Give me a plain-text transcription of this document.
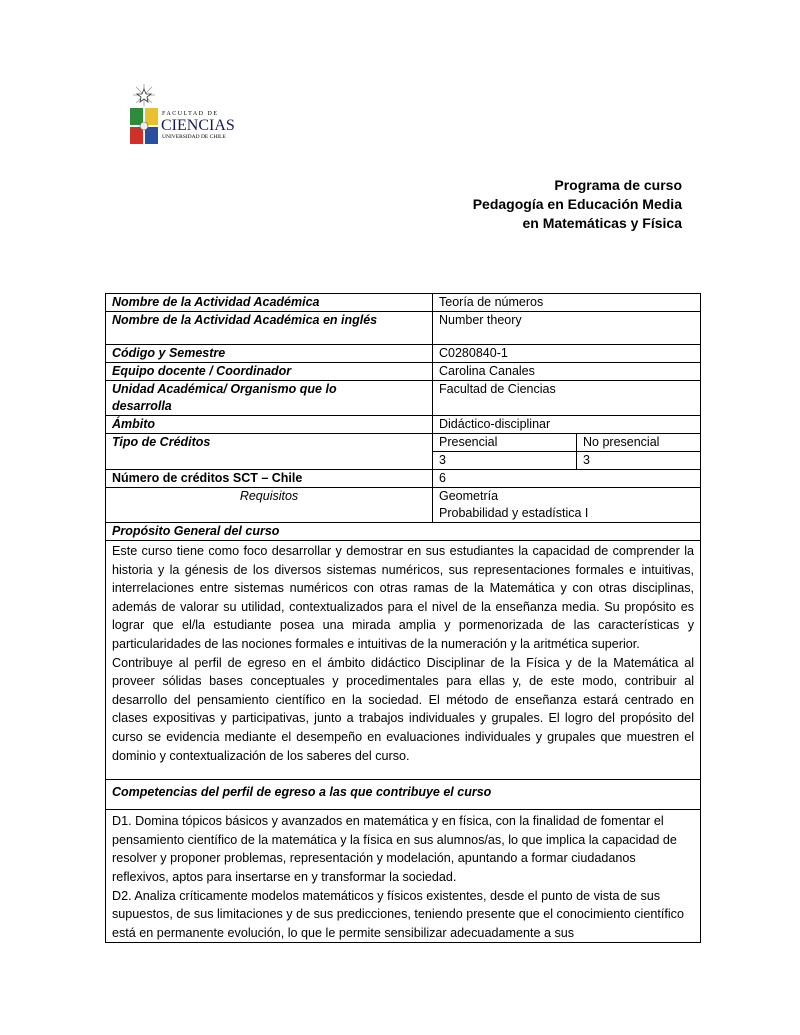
FACULTAD DE
CIENCIAS
UNIVERSIDAD DE CHILE
Programa de curso
Pedagogía en Educación Media
en Matemáticas y Física
Nombre de la Actividad Académica	Teoría de números	
Nombre de la Actividad Académica en inglés	Number theory	
Código y Semestre	C0280840-1	
Equipo docente / Coordinador	Carolina Canales	
Unidad Académica/ Organismo que lo desarrolla	Facultad de Ciencias	
Ámbito	Didáctico-disciplinar	
Tipo de Créditos	Presencial	No presencial
	3	3
Número de créditos SCT – Chile	6	
Requisitos	Geometría
Probabilidad y estadística I	

Propósito General del curso		

Este curso tiene como foco desarrollar y demostrar en sus estudiantes la capacidad de comprender la historia y la génesis de los diversos sistemas numéricos, sus representaciones formales e intuitivas, interrelaciones entre sistemas numéricos con otras ramas de la Matemática y con otras disciplinas, además de valorar su utilidad, contextualizados para el nivel de la enseñanza media. Su propósito es lograr que el/la estudiante posea una mirada amplia y pormenorizada de las características y particularidades de las nociones formales e intuitivas de la numeración y la aritmética superior.
Contribuye al perfil de egreso en el ámbito didáctico Disciplinar de la Física y de la Matemática al proveer sólidas bases conceptuales y procedimentales para ellas y, de este modo, contribuir al desarrollo del pensamiento científico en la sociedad. El método de enseñanza estará centrado en clases expositivas y participativas, junto a trabajos individuales y grupales. El logro del propósito del curso se evidencia mediante el desempeño en evaluaciones individuales y grupales que muestren el dominio y contextualización de los saberes del curso.		

Competencias del perfil de egreso a las que contribuye el curso		

D1. Domina tópicos básicos y avanzados en matemática y en física, con la finalidad de fomentar el pensamiento científico de la matemática y la física en sus alumnos/as, lo que implica la capacidad de resolver y proponer problemas, representación y modelación, apuntando a formar ciudadanos reflexivos, aptos para insertarse en y transformar la sociedad.
D2. Analiza críticamente modelos matemáticos y físicos existentes, desde el punto de vista de sus supuestos, de sus limitaciones y de sus predicciones, teniendo presente que el conocimiento científico está en permanente evolución, lo que le permite sensibilizar adecuadamente a sus		
